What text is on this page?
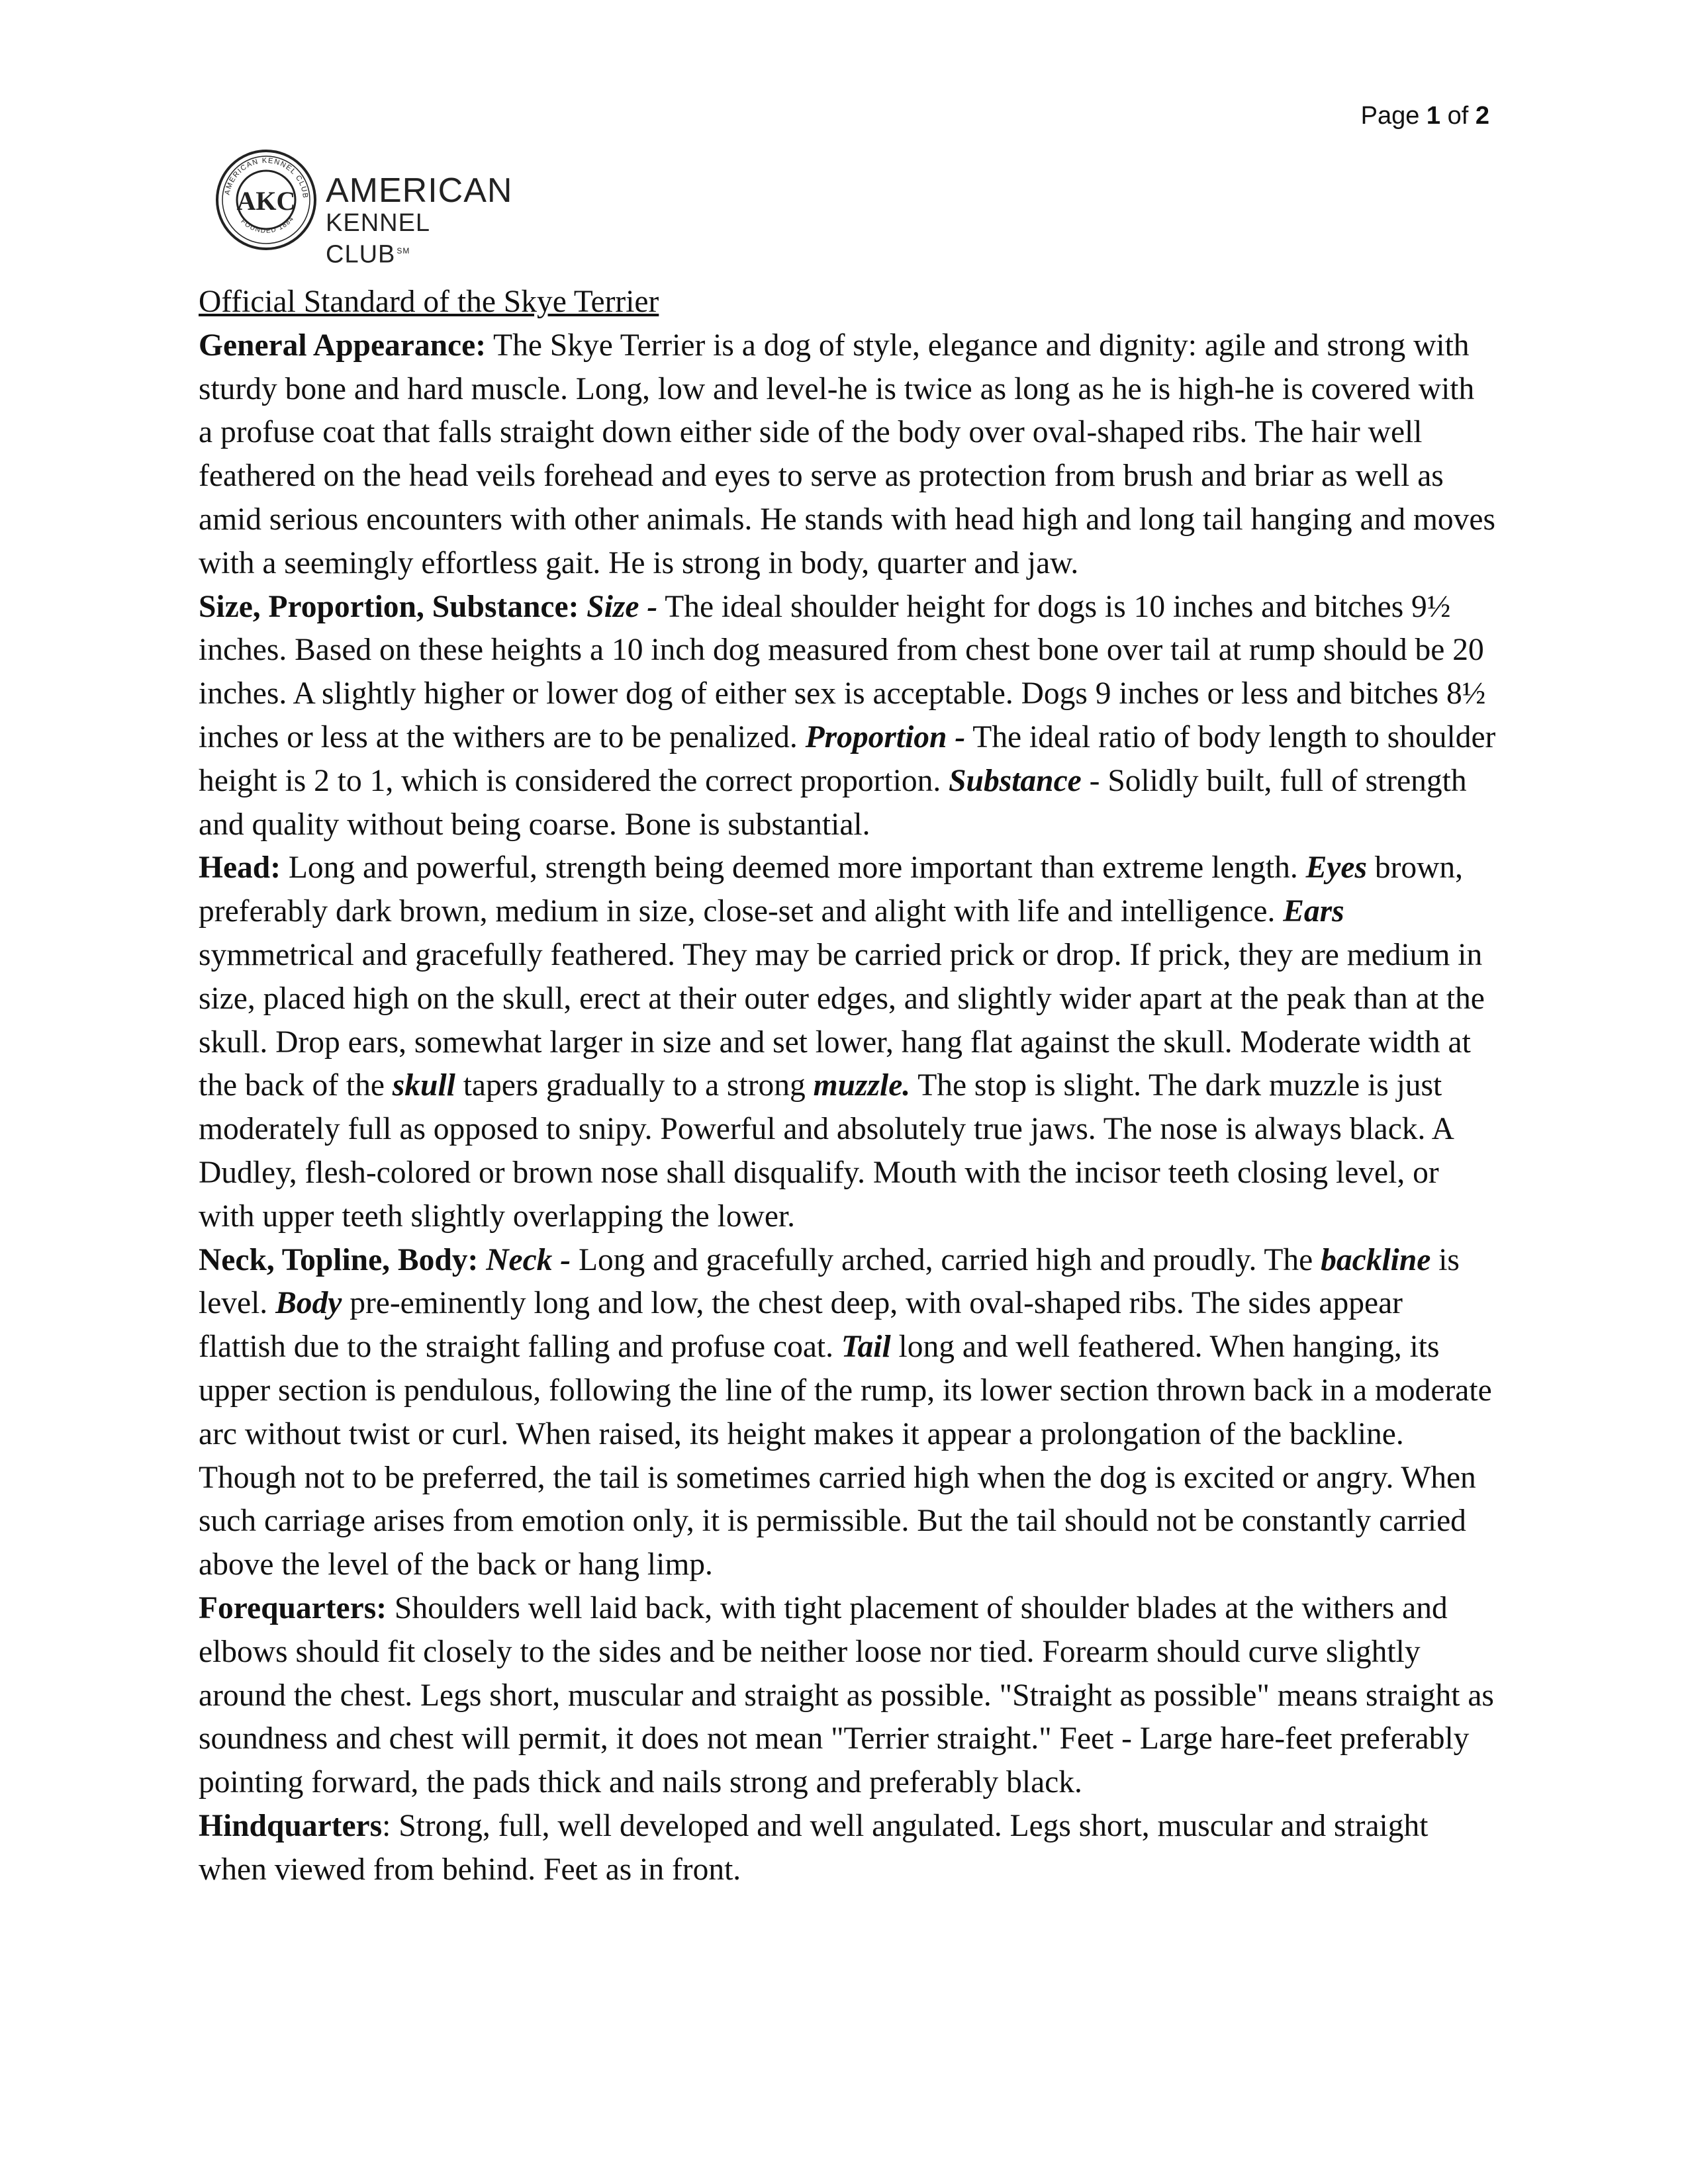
Page 1 of 2
AMERICAN KENNEL CLUB
FOUNDED 1884
AKC AMERICAN
KENNEL CLUB ℠
Official Standard of the Skye Terrier

General Appearance: The Skye Terrier is a dog of style, elegance and dignity: agile and strong with sturdy bone and hard muscle. Long, low and level-he is twice as long as he is high-he is covered with a profuse coat that falls straight down either side of the body over oval-shaped ribs. The hair well feathered on the head veils forehead and eyes to serve as protection from brush and briar as well as amid serious encounters with other animals. He stands with head high and long tail hanging and moves with a seemingly effortless gait. He is strong in body, quarter and jaw.

Size, Proportion, Substance: Size - The ideal shoulder height for dogs is 10 inches and bitches 9½ inches. Based on these heights a 10 inch dog measured from chest bone over tail at rump should be 20 inches. A slightly higher or lower dog of either sex is acceptable. Dogs 9 inches or less and bitches 8½ inches or less at the withers are to be penalized. Proportion - The ideal ratio of body length to shoulder height is 2 to 1, which is considered the correct proportion. Substance - Solidly built, full of strength and quality without being coarse. Bone is substantial.

Head: Long and powerful, strength being deemed more important than extreme length. Eyes brown, preferably dark brown, medium in size, close-set and alight with life and intelligence. Ears symmetrical and gracefully feathered. They may be carried prick or drop. If prick, they are medium in size, placed high on the skull, erect at their outer edges, and slightly wider apart at the peak than at the skull. Drop ears, somewhat larger in size and set lower, hang flat against the skull. Moderate width at the back of the skull tapers gradually to a strong muzzle. The stop is slight. The dark muzzle is just moderately full as opposed to snipy. Powerful and absolutely true jaws. The nose is always black. A Dudley, flesh-colored or brown nose shall disqualify. Mouth with the incisor teeth closing level, or with upper teeth slightly overlapping the lower.

Neck, Topline, Body: Neck - Long and gracefully arched, carried high and proudly. The backline is level. Body pre-eminently long and low, the chest deep, with oval-shaped ribs. The sides appear flattish due to the straight falling and profuse coat. Tail long and well feathered. When hanging, its upper section is pendulous, following the line of the rump, its lower section thrown back in a moderate arc without twist or curl. When raised, its height makes it appear a prolongation of the backline. Though not to be preferred, the tail is sometimes carried high when the dog is excited or angry. When such carriage arises from emotion only, it is permissible. But the tail should not be constantly carried above the level of the back or hang limp.

Forequarters: Shoulders well laid back, with tight placement of shoulder blades at the withers and elbows should fit closely to the sides and be neither loose nor tied. Forearm should curve slightly around the chest. Legs short, muscular and straight as possible. "Straight as possible" means straight as soundness and chest will permit, it does not mean "Terrier straight." Feet - Large hare-feet preferably pointing forward, the pads thick and nails strong and preferably black.

Hindquarters: Strong, full, well developed and well angulated. Legs short, muscular and straight when viewed from behind. Feet as in front.
